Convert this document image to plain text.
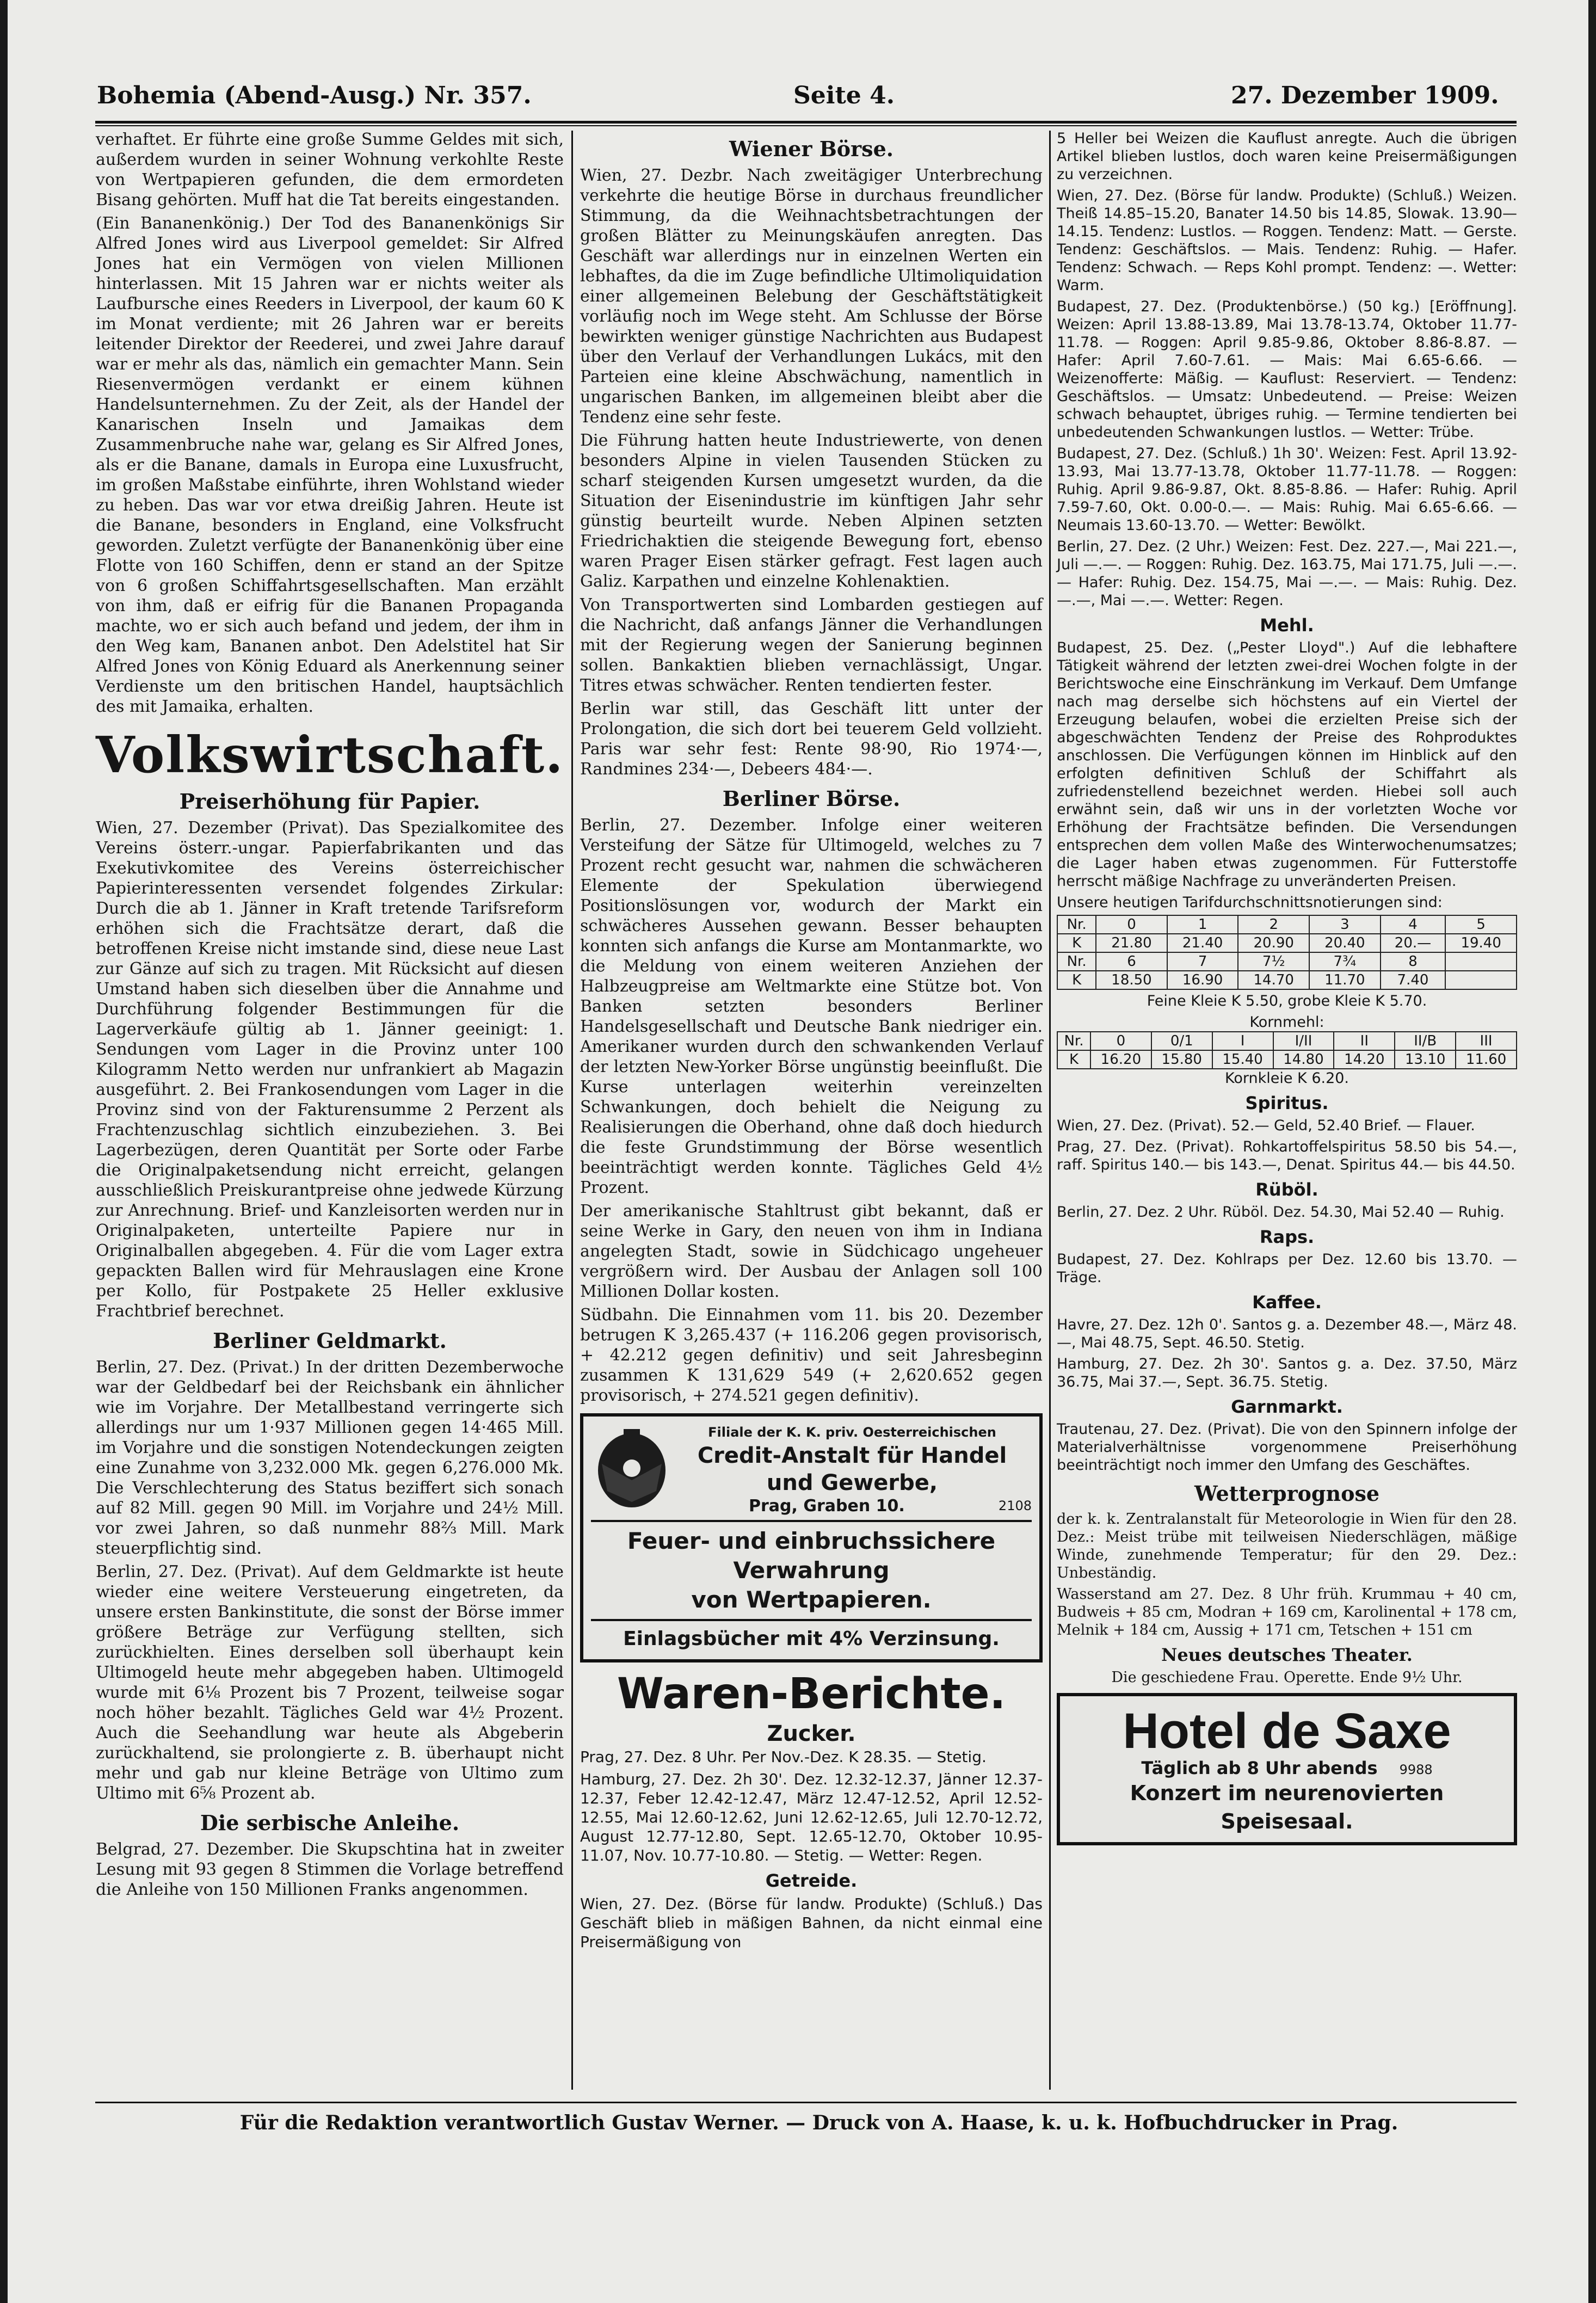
Bohemia (Abend-Ausg.) Nr. 357.	Seite 4.	27. Dezember 1909.

verhaftet. Er führte eine große Summe Geldes mit sich, außerdem wurden in seiner Wohnung verkohlte Reste von Wertpapieren gefunden, die dem ermordeten Bisang gehörten. Muff hat die Tat bereits eingestanden.

(Ein Bananenkönig.) Der Tod des Bananenkönigs Sir Alfred Jones wird aus Liverpool gemeldet: Sir Alfred Jones hat ein Vermögen von vielen Millionen hinterlassen. Mit 15 Jahren war er nichts weiter als Laufbursche eines Reeders in Liverpool, der kaum 60 K im Monat verdiente; mit 26 Jahren war er bereits leitender Direktor der Reederei, und zwei Jahre darauf war er mehr als das, nämlich ein gemachter Mann. Sein Riesenvermögen verdankt er einem kühnen Handelsunternehmen. Zu der Zeit, als der Handel der Kanarischen Inseln und Jamaikas dem Zusammenbruche nahe war, gelang es Sir Alfred Jones, als er die Banane, damals in Europa eine Luxusfrucht, im großen Maßstabe einführte, ihren Wohlstand wieder zu heben. Das war vor etwa dreißig Jahren. Heute ist die Banane, besonders in England, eine Volksfrucht geworden. Zuletzt verfügte der Bananenkönig über eine Flotte von 160 Schiffen, denn er stand an der Spitze von 6 großen Schiffahrtsgesellschaften. Man erzählt von ihm, daß er eifrig für die Bananen Propaganda machte, wo er sich auch befand und jedem, der ihm in den Weg kam, Bananen anbot. Den Adelstitel hat Sir Alfred Jones von König Eduard als Anerkennung seiner Verdienste um den britischen Handel, hauptsächlich des mit Jamaika, erhalten.

Volkswirtschaft.
Preiserhöhung für Papier.

Wien, 27. Dezember (Privat). Das Spezialkomitee des Vereins österr.-ungar. Papierfabrikanten und das Exekutivkomitee des Vereins österreichischer Papierinteressenten versendet folgendes Zirkular: Durch die ab 1. Jänner in Kraft tretende Tarifsreform erhöhen sich die Frachtsätze derart, daß die betroffenen Kreise nicht imstande sind, diese neue Last zur Gänze auf sich zu tragen. Mit Rücksicht auf diesen Umstand haben sich dieselben über die Annahme und Durchführung folgender Bestimmungen für die Lagerverkäufe gültig ab 1. Jänner geeinigt: 1. Sendungen vom Lager in die Provinz unter 100 Kilogramm Netto werden nur unfrankiert ab Magazin ausgeführt. 2. Bei Frankosendungen vom Lager in die Provinz sind von der Fakturensumme 2 Perzent als Frachtenzuschlag sichtlich einzubeziehen. 3. Bei Lagerbezügen, deren Quantität per Sorte oder Farbe die Originalpaketsendung nicht erreicht, gelangen ausschließlich Preiskurantpreise ohne jedwede Kürzung zur Anrechnung. Brief- und Kanzleisorten werden nur in Originalpaketen, unterteilte Papiere nur in Originalballen abgegeben. 4. Für die vom Lager extra gepackten Ballen wird für Mehrauslagen eine Krone per Kollo, für Postpakete 25 Heller exklusive Frachtbrief berechnet.

Berliner Geldmarkt.

Berlin, 27. Dez. (Privat.) In der dritten Dezemberwoche war der Geldbedarf bei der Reichsbank ein ähnlicher wie im Vorjahre. Der Metallbestand verringerte sich allerdings nur um 1·937 Millionen gegen 14·465 Mill. im Vorjahre und die sonstigen Notendeckungen zeigten eine Zunahme von 3,232.000 Mk. gegen 6,276.000 Mk. Die Verschlechterung des Status beziffert sich sonach auf 82 Mill. gegen 90 Mill. im Vorjahre und 24½ Mill. vor zwei Jahren, so daß nunmehr 88⅔ Mill. Mark steuerpflichtig sind.

Berlin, 27. Dez. (Privat). Auf dem Geldmarkte ist heute wieder eine weitere Versteuerung eingetreten, da unsere ersten Bankinstitute, die sonst der Börse immer größere Beträge zur Verfügung stellten, sich zurückhielten. Eines derselben soll überhaupt kein Ultimogeld heute mehr abgegeben haben. Ultimogeld wurde mit 6⅛ Prozent bis 7 Prozent, teilweise sogar noch höher bezahlt. Tägliches Geld war 4½ Prozent. Auch die Seehandlung war heute als Abgeberin zurückhaltend, sie prolongierte z. B. überhaupt nicht mehr und gab nur kleine Beträge von Ultimo zum Ultimo mit 6⅝ Prozent ab.

Die serbische Anleihe.

Belgrad, 27. Dezember. Die Skupschtina hat in zweiter Lesung mit 93 gegen 8 Stimmen die Vorlage betreffend die Anleihe von 150 Millionen Franks angenommen.

Wiener Börse.

Wien, 27. Dezbr. Nach zweitägiger Unterbrechung verkehrte die heutige Börse in durchaus freundlicher Stimmung, da die Weihnachtsbetrachtungen der großen Blätter zu Meinungskäufen anregten. Das Geschäft war allerdings nur in einzelnen Werten ein lebhaftes, da die im Zuge befindliche Ultimoliquidation einer allgemeinen Belebung der Geschäftstätigkeit vorläufig noch im Wege steht. Am Schlusse der Börse bewirkten weniger günstige Nachrichten aus Budapest über den Verlauf der Verhandlungen Lukács, mit den Parteien eine kleine Abschwächung, namentlich in ungarischen Banken, im allgemeinen bleibt aber die Tendenz eine sehr feste.

Die Führung hatten heute Industriewerte, von denen besonders Alpine in vielen Tausenden Stücken zu scharf steigenden Kursen umgesetzt wurden, da die Situation der Eisenindustrie im künftigen Jahr sehr günstig beurteilt wurde. Neben Alpinen setzten Friedrichaktien die steigende Bewegung fort, ebenso waren Prager Eisen stärker gefragt. Fest lagen auch Galiz. Karpathen und einzelne Kohlenaktien.

Von Transportwerten sind Lombarden gestiegen auf die Nachricht, daß anfangs Jänner die Verhandlungen mit der Regierung wegen der Sanierung beginnen sollen. Bankaktien blieben vernachlässigt, Ungar. Titres etwas schwächer. Renten tendierten fester.

Berlin war still, das Geschäft litt unter der Prolongation, die sich dort bei teuerem Geld vollzieht. Paris war sehr fest: Rente 98·90, Rio 1974·—, Randmines 234·—, Debeers 484·—.

Berliner Börse.

Berlin, 27. Dezember. Infolge einer weiteren Versteifung der Sätze für Ultimogeld, welches zu 7 Prozent recht gesucht war, nahmen die schwächeren Elemente der Spekulation überwiegend Positionslösungen vor, wodurch der Markt ein schwächeres Aussehen gewann. Besser behaupten konnten sich anfangs die Kurse am Montanmarkte, wo die Meldung von einem weiteren Anziehen der Halbzeugpreise am Weltmarkte eine Stütze bot. Von Banken setzten besonders Berliner Handelsgesellschaft und Deutsche Bank niedriger ein. Amerikaner wurden durch den schwankenden Verlauf der letzten New-Yorker Börse ungünstig beeinflußt. Die Kurse unterlagen weiterhin vereinzelten Schwankungen, doch behielt die Neigung zu Realisierungen die Oberhand, ohne daß doch hiedurch die feste Grundstimmung der Börse wesentlich beeinträchtigt werden konnte. Tägliches Geld 4½ Prozent.

Der amerikanische Stahltrust gibt bekannt, daß er seine Werke in Gary, den neuen von ihm in Indiana angelegten Stadt, sowie in Südchicago ungeheuer vergrößern wird. Der Ausbau der Anlagen soll 100 Millionen Dollar kosten.

Südbahn. Die Einnahmen vom 11. bis 20. Dezember betrugen K 3,265.437 (+ 116.206 gegen provisorisch, + 42.212 gegen definitiv) und seit Jahresbeginn zusammen K 131,629 549 (+ 2,620.652 gegen provisorisch, + 274.521 gegen definitiv).

Filiale der K. K. priv. Oesterreichischen
Credit-Anstalt für Handel und Gewerbe,
Prag, Graben 10.	2108
Feuer- und einbruchssichere Verwahrung
von Wertpapieren.
Einlagsbücher mit 4% Verzinsung.
Waren-Berichte.
Zucker.

Prag, 27. Dez. 8 Uhr. Per Nov.-Dez. K 28.35. — Stetig.

Hamburg, 27. Dez. 2h 30'. Dez. 12.32-12.37, Jänner 12.37-12.37, Feber 12.42-12.47, März 12.47-12.52, April 12.52-12.55, Mai 12.60-12.62, Juni 12.62-12.65, Juli 12.70-12.72, August 12.77-12.80, Sept. 12.65-12.70, Oktober 10.95-11.07, Nov. 10.77-10.80. — Stetig. — Wetter: Regen.

Getreide.

Wien, 27. Dez. (Börse für landw. Produkte) (Schluß.) Das Geschäft blieb in mäßigen Bahnen, da nicht einmal eine Preisermäßigung von

5 Heller bei Weizen die Kauflust anregte. Auch die übrigen Artikel blieben lustlos, doch waren keine Preisermäßigungen zu verzeichnen.

Wien, 27. Dez. (Börse für landw. Produkte) (Schluß.) Weizen. Theiß 14.85–15.20, Banater 14.50 bis 14.85, Slowak. 13.90—14.15. Tendenz: Lustlos. — Roggen. Tendenz: Matt. — Gerste. Tendenz: Geschäftslos. — Mais. Tendenz: Ruhig. — Hafer. Tendenz: Schwach. — Reps Kohl prompt. Tendenz: —. Wetter: Warm.

Budapest, 27. Dez. (Produktenbörse.) (50 kg.) [Eröffnung]. Weizen: April 13.88-13.89, Mai 13.78-13.74, Oktober 11.77-11.78. — Roggen: April 9.85-9.86, Oktober 8.86-8.87. — Hafer: April 7.60-7.61. — Mais: Mai 6.65-6.66. — Weizenofferte: Mäßig. — Kauflust: Reserviert. — Tendenz: Geschäftslos. — Umsatz: Unbedeutend. — Preise: Weizen schwach behauptet, übriges ruhig. — Termine tendierten bei unbedeutenden Schwankungen lustlos. — Wetter: Trübe.

Budapest, 27. Dez. (Schluß.) 1h 30'. Weizen: Fest. April 13.92-13.93, Mai 13.77-13.78, Oktober 11.77-11.78. — Roggen: Ruhig. April 9.86-9.87, Okt. 8.85-8.86. — Hafer: Ruhig. April 7.59-7.60, Okt. 0.00-0.—. — Mais: Ruhig. Mai 6.65-6.66. — Neumais 13.60-13.70. — Wetter: Bewölkt.

Berlin, 27. Dez. (2 Uhr.) Weizen: Fest. Dez. 227.—, Mai 221.—, Juli —.—. — Roggen: Ruhig. Dez. 163.75, Mai 171.75, Juli —.—. — Hafer: Ruhig. Dez. 154.75, Mai —.—. — Mais: Ruhig. Dez. —.—, Mai —.—. Wetter: Regen.

Mehl.

Budapest, 25. Dez. („Pester Lloyd".) Auf die lebhaftere Tätigkeit während der letzten zwei-drei Wochen folgte in der Berichtswoche eine Einschränkung im Verkauf. Dem Umfange nach mag derselbe sich höchstens auf ein Viertel der Erzeugung belaufen, wobei die erzielten Preise sich der abgeschwächten Tendenz der Preise des Rohproduktes anschlossen. Die Verfügungen können im Hinblick auf den erfolgten definitiven Schluß der Schiffahrt als zufriedenstellend bezeichnet werden. Hiebei soll auch erwähnt sein, daß wir uns in der vorletzten Woche vor Erhöhung der Frachtsätze befinden. Die Versendungen entsprechen dem vollen Maße des Winterwochenumsatzes; die Lager haben etwas zugenommen. Für Futterstoffe herrscht mäßige Nachfrage zu unveränderten Preisen.

Unsere heutigen Tarifdurchschnittsnotierungen sind:

Nr.	0	1	2	3	4	5
K	21.80	21.40	20.90	20.40	20.—	19.40
Nr.	6	7	7½	7¾	8	
K	18.50	16.90	14.70	11.70	7.40	

Feine Kleie K 5.50, grobe Kleie K 5.70.

Kornmehl:

Nr.	0	0/1	I	I/II	II	II/B	III
K	16.20	15.80	15.40	14.80	14.20	13.10	11.60

Kornkleie K 6.20.

Spiritus.

Wien, 27. Dez. (Privat). 52.— Geld, 52.40 Brief. — Flauer.

Prag, 27. Dez. (Privat). Rohkartoffelspiritus 58.50 bis 54.—, raff. Spiritus 140.— bis 143.—, Denat. Spiritus 44.— bis 44.50.

Rüböl.

Berlin, 27. Dez. 2 Uhr. Rüböl. Dez. 54.30, Mai 52.40 — Ruhig.

Raps.

Budapest, 27. Dez. Kohlraps per Dez. 12.60 bis 13.70. — Träge.

Kaffee.

Havre, 27. Dez. 12h 0'. Santos g. a. Dezember 48.—, März 48.—, Mai 48.75, Sept. 46.50. Stetig.

Hamburg, 27. Dez. 2h 30'. Santos g. a. Dez. 37.50, März 36.75, Mai 37.—, Sept. 36.75. Stetig.

Garnmarkt.

Trautenau, 27. Dez. (Privat). Die von den Spinnern infolge der Materialverhältnisse vorgenommene Preiserhöhung beeinträchtigt noch immer den Umfang des Geschäftes.

Wetterprognose

der k. k. Zentralanstalt für Meteorologie in Wien für den 28. Dez.: Meist trübe mit teilweisen Niederschlägen, mäßige Winde, zunehmende Temperatur; für den 29. Dez.: Unbeständig.

Wasserstand am 27. Dez. 8 Uhr früh. Krummau + 40 cm, Budweis + 85 cm, Modran + 169 cm, Karolinental + 178 cm, Melnik + 184 cm, Aussig + 171 cm, Tetschen + 151 cm

Neues deutsches Theater.

Die geschiedene Frau. Operette. Ende 9½ Uhr.

Hotel de Saxe
Täglich ab 8 Uhr abends 9988
Konzert im neurenovierten Speisesaal.
Für die Redaktion verantwortlich Gustav Werner. — Druck von A. Haase, k. u. k. Hofbuchdrucker in Prag.
